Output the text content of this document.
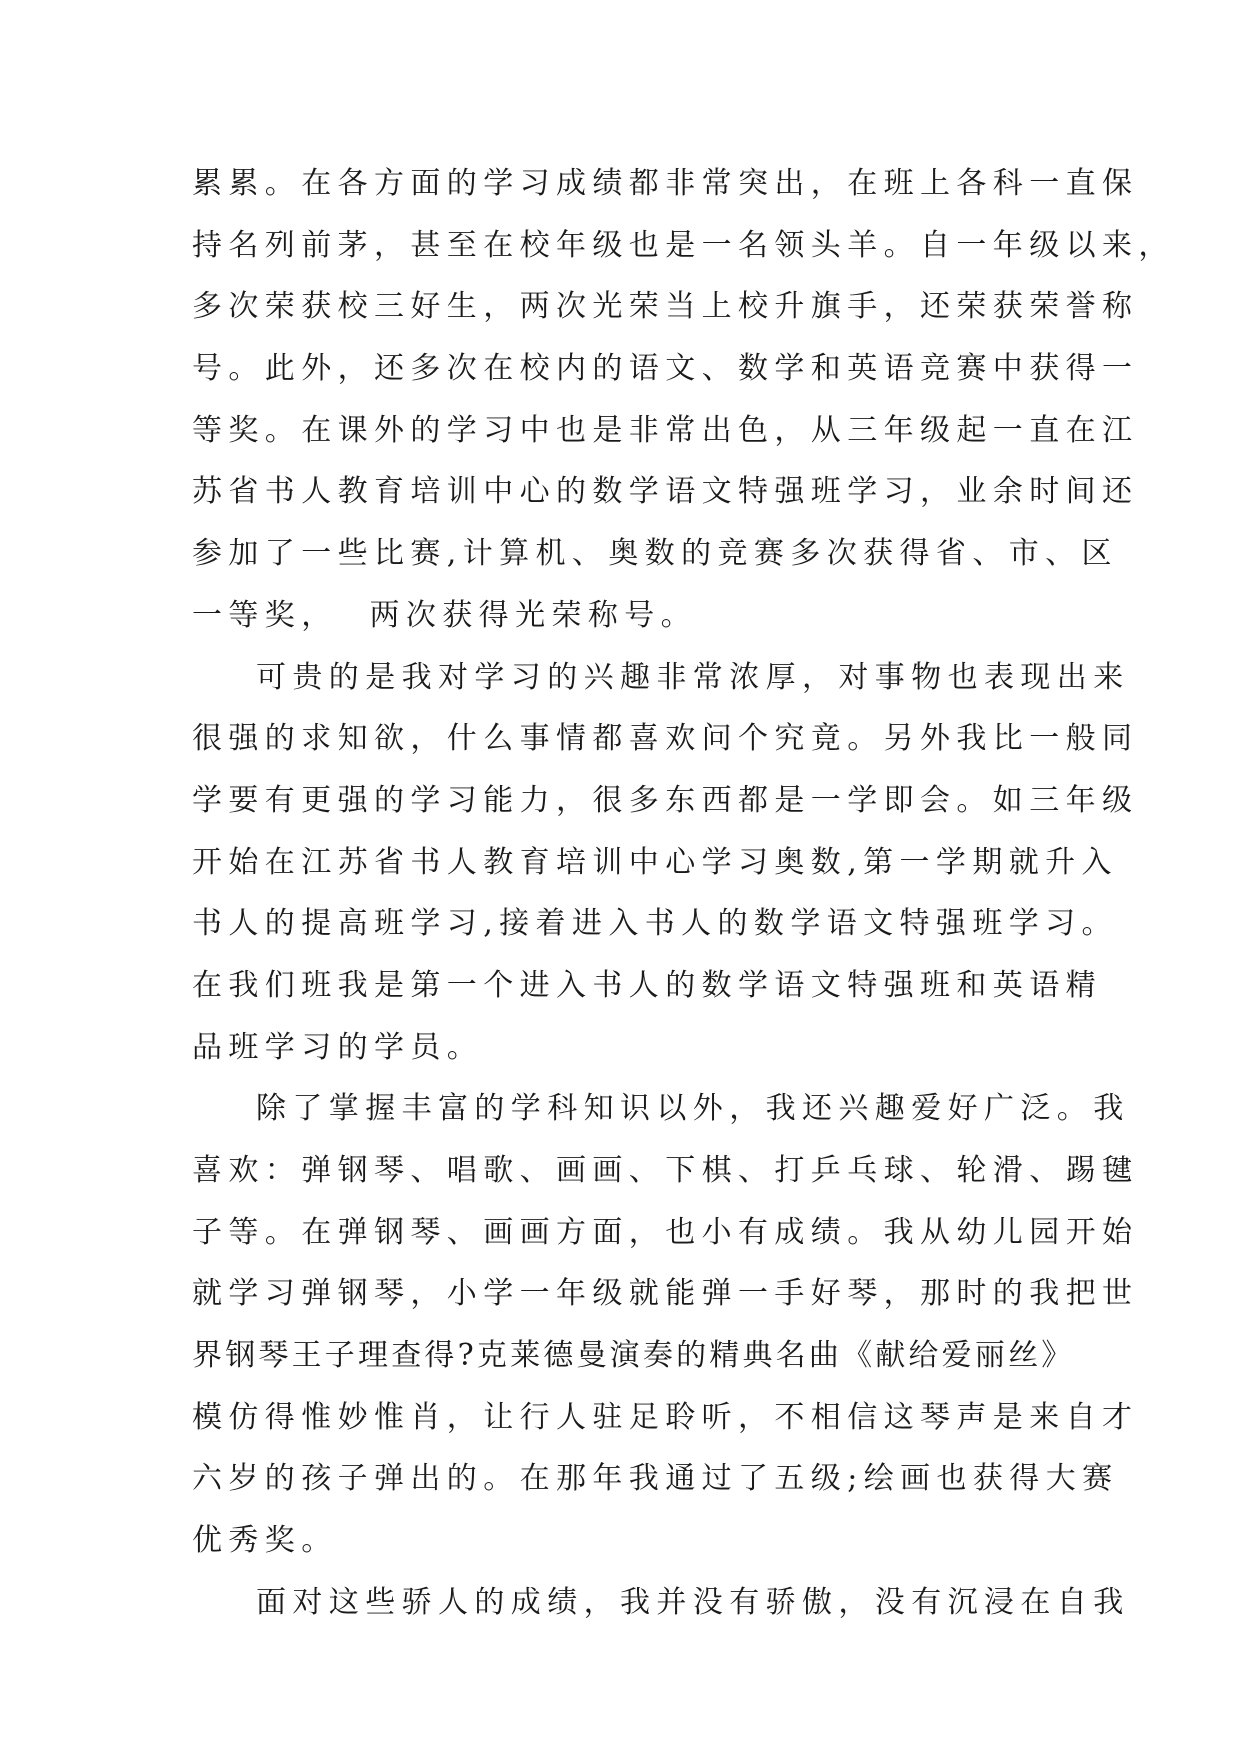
累累。在各方面的学习成绩都非常突出，在班上各科一直保
持名列前茅，甚至在校年级也是一名领头羊。自一年级以来，
多次荣获校三好生，两次光荣当上校升旗手，还荣获荣誉称
号。此外，还多次在校内的语文、数学和英语竞赛中获得一
等奖。在课外的学习中也是非常出色，从三年级起一直在江
苏省书人教育培训中心的数学语文特强班学习，业余时间还
参加了一些比赛,计算机、奥数的竞赛多次获得省、市、区
一等奖，  两次获得光荣称号。
可贵的是我对学习的兴趣非常浓厚，对事物也表现出来
很强的求知欲，什么事情都喜欢问个究竟。另外我比一般同
学要有更强的学习能力，很多东西都是一学即会。如三年级
开始在江苏省书人教育培训中心学习奥数,第一学期就升入
书人的提高班学习,接着进入书人的数学语文特强班学习。
在我们班我是第一个进入书人的数学语文特强班和英语精
品班学习的学员。
除了掌握丰富的学科知识以外，我还兴趣爱好广泛。我
喜欢：弹钢琴、唱歌、画画、下棋、打乒乓球、轮滑、踢毽
子等。在弹钢琴、画画方面，也小有成绩。我从幼儿园开始
就学习弹钢琴，小学一年级就能弹一手好琴，那时的我把世
界钢琴王子理查得?克莱德曼演奏的精典名曲《献给爱丽丝》
模仿得惟妙惟肖，让行人驻足聆听，不相信这琴声是来自才
六岁的孩子弹出的。在那年我通过了五级;绘画也获得大赛
优秀奖。
面对这些骄人的成绩，我并没有骄傲，没有沉浸在自我
